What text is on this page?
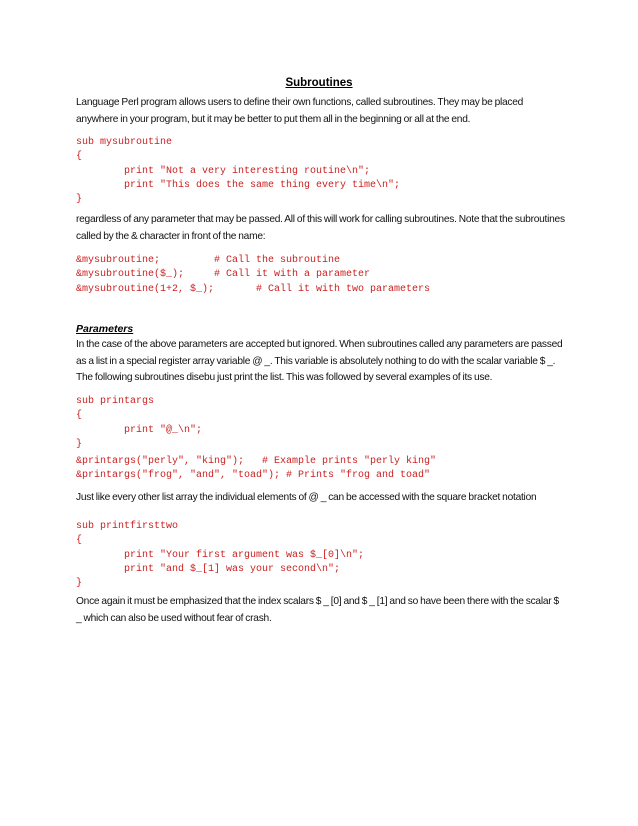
Subroutines
Language Perl program allows users to define their own functions, called subroutines. They may be placed anywhere in your program, but it may be better to put them all in the beginning or all at the end.
sub mysubroutine
{
print "Not a very interesting routine\n";
print "This does the same thing every time\n";
}
regardless of any parameter that may be passed. All of this will work for calling subroutines. Note that the subroutines called by the & character in front of the name:
&mysubroutine;         # Call the subroutine
&mysubroutine($_);     # Call it with a parameter
&mysubroutine(1+2, $_);       # Call it with two parameters
Parameters
In the case of the above parameters are accepted but ignored. When subroutines called any parameters are passed as a list in a special register array variable @ _. This variable is absolutely nothing to do with the scalar variable $ _. The following subroutines disebu just print the list. This was followed by several examples of its use.
sub printargs
{
print "@_\n";
}
&printargs("perly", "king");   # Example prints "perly king"
&printargs("frog", "and", "toad"); # Prints "frog and toad"
Just like every other list array the individual elements of @ _ can be accessed with the square bracket notation
sub printfirsttwo
{
print "Your first argument was $_[0]\n";
print "and $_[1] was your second\n";
}
Once again it must be emphasized that the index scalars $ _ [0] and $ _ [1] and so have been there with the scalar $ _ which can also be used without fear of crash.
